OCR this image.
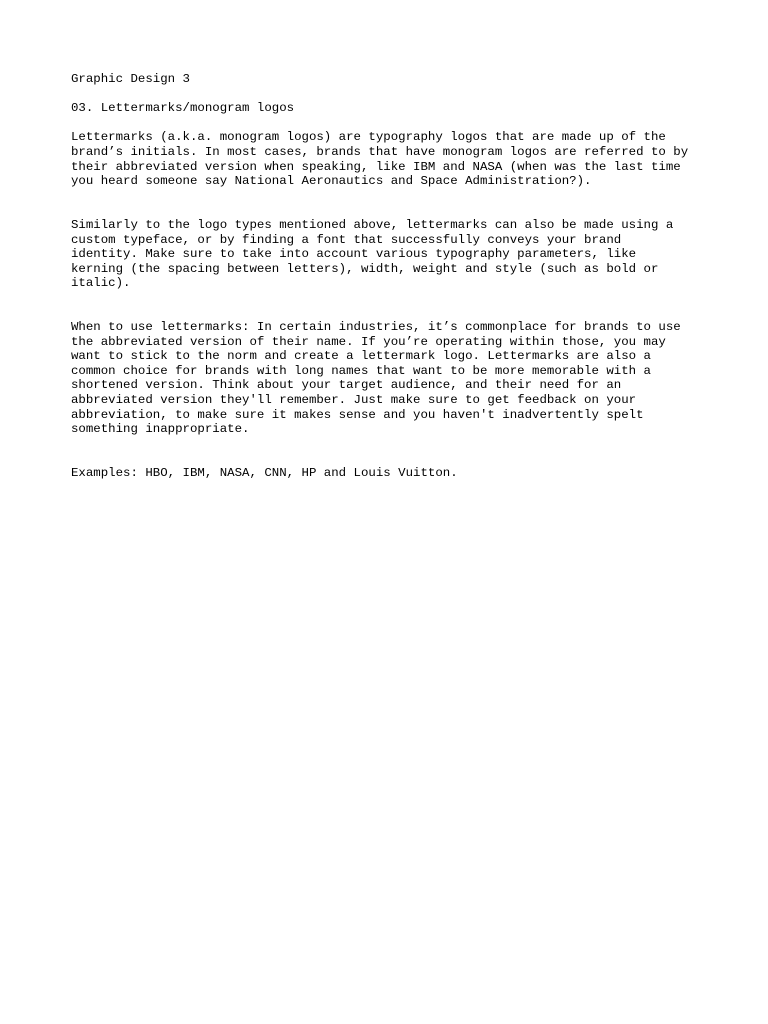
Graphic Design 3

03. Lettermarks/monogram logos

Lettermarks (a.k.a. monogram logos) are typography logos that are made up of the
brand’s initials. In most cases, brands that have monogram logos are referred to by
their abbreviated version when speaking, like IBM and NASA (when was the last time
you heard someone say National Aeronautics and Space Administration?).

Similarly to the logo types mentioned above, lettermarks can also be made using a
custom typeface, or by finding a font that successfully conveys your brand
identity. Make sure to take into account various typography parameters, like
kerning (the spacing between letters), width, weight and style (such as bold or
italic).

When to use lettermarks: In certain industries, it’s commonplace for brands to use
the abbreviated version of their name. If you’re operating within those, you may
want to stick to the norm and create a lettermark logo. Lettermarks are also a
common choice for brands with long names that want to be more memorable with a
shortened version. Think about your target audience, and their need for an
abbreviated version they'll remember. Just make sure to get feedback on your
abbreviation, to make sure it makes sense and you haven't inadvertently spelt
something inappropriate.

Examples: HBO, IBM, NASA, CNN, HP and Louis Vuitton.
